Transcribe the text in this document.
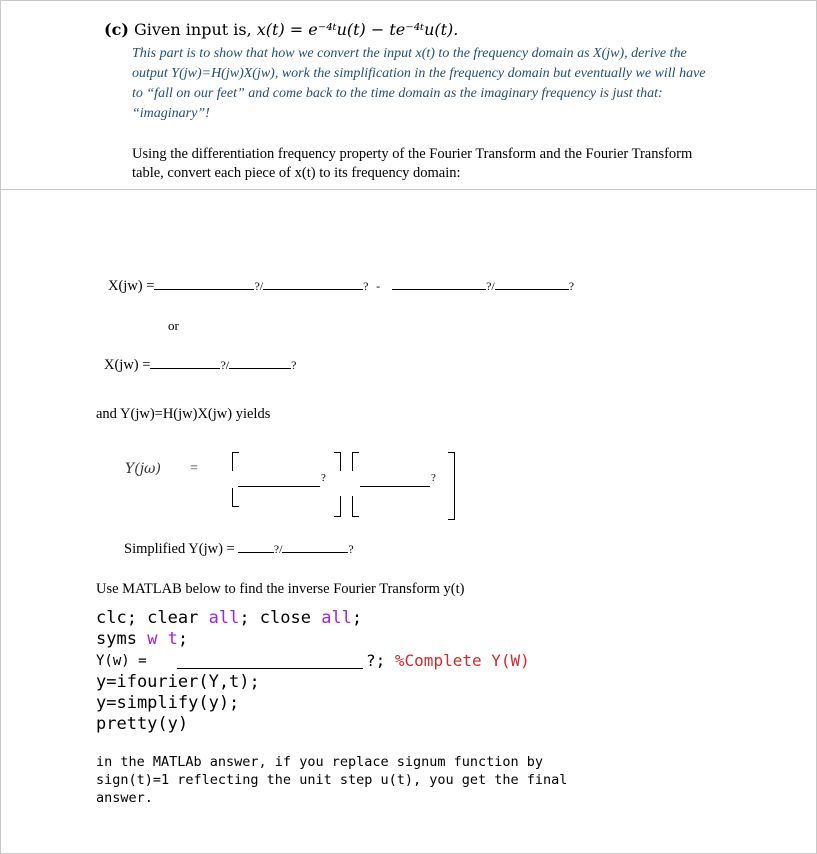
(c) Given input is, x(t) = e⁻⁴ᵗu(t) − te⁻⁴ᵗu(t).
This part is to show that how we convert the input x(t) to the frequency domain as X(jw), derive the output Y(jw)=H(jw)X(jw), work the simplification in the frequency domain but eventually we will have to “fall on our feet” and come back to the time domain as the imaginary frequency is just that: “imaginary”!
Using the differentiation frequency property of the Fourier Transform and the Fourier Transform table, convert each piece of x(t) to its frequency domain:
X(jw) =	?/	? -	?/	?
or
X(jw) =	?/	?
and Y(jw)=H(jw)X(jw) yields
Y(jω) =
?	?
Simplified Y(jw) =	?/	?
Use MATLAB below to find the inverse Fourier Transform y(t)
clc; clear all; close all;
syms w t;
Y(w) =	?; %Complete Y(W)
y=ifourier(Y,t);
y=simplify(y);
pretty(y)
in the MATLAb answer, if you replace signum function by
sign(t)=1 reflecting the unit step u(t), you get the final
answer.
